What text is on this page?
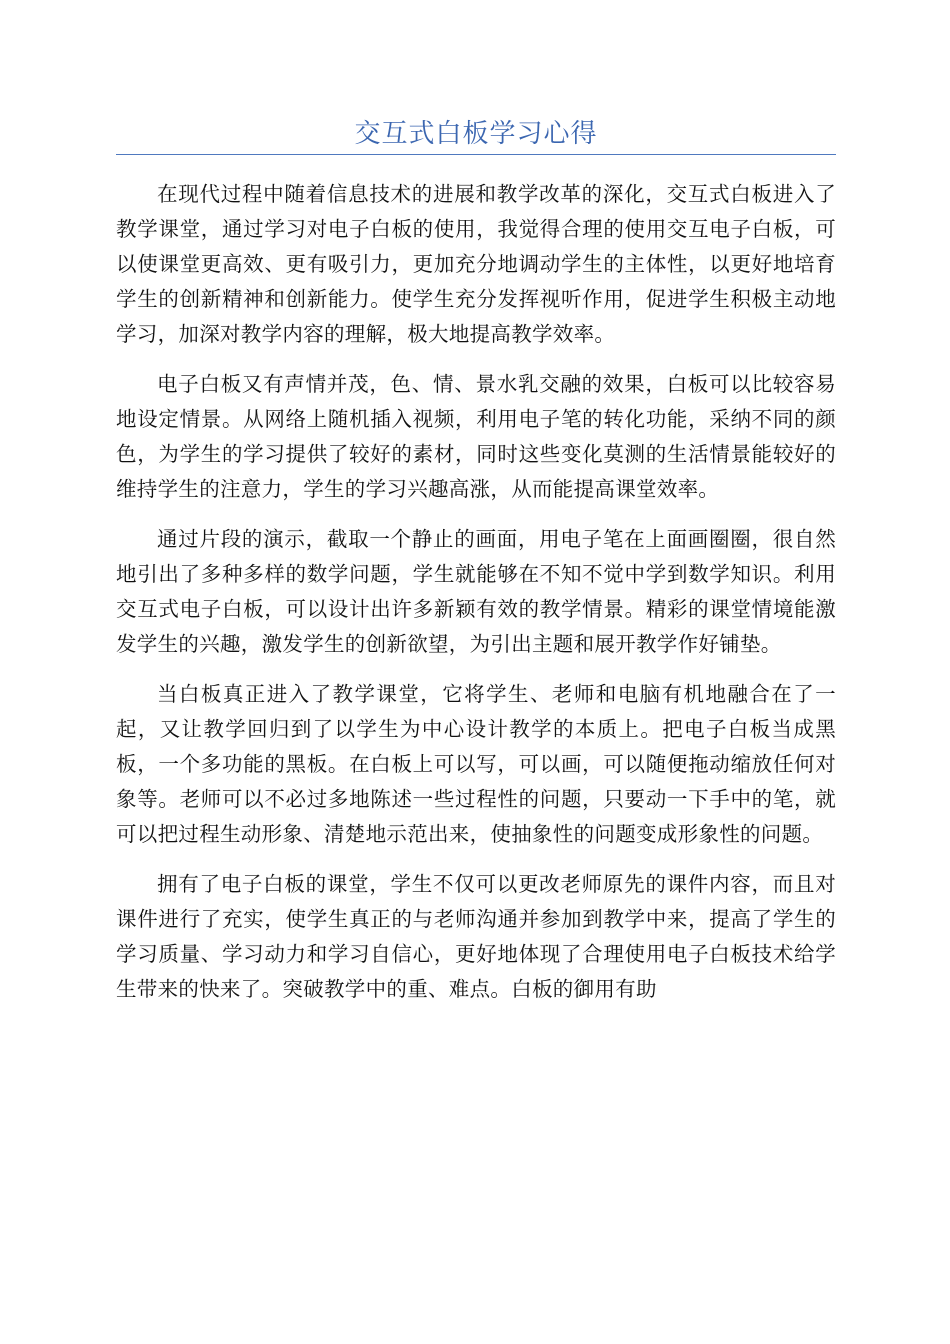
交互式白板学习心得

在现代过程中随着信息技术的进展和教学改革的深化，交互式白板进入了教学课堂，通过学习对电子白板的使用，我觉得合理的使用交互电子白板，可以使课堂更高效、更有吸引力，更加充分地调动学生的主体性，以更好地培育学生的创新精神和创新能力。使学生充分发挥视听作用，促进学生积极主动地学习，加深对教学内容的理解，极大地提高教学效率。

电子白板又有声情并茂，色、情、景水乳交融的效果，白板可以比较容易地设定情景。从网络上随机插入视频，利用电子笔的转化功能，采纳不同的颜色，为学生的学习提供了较好的素材，同时这些变化莫测的生活情景能较好的维持学生的注意力，学生的学习兴趣高涨，从而能提高课堂效率。

通过片段的演示，截取一个静止的画面，用电子笔在上面画圈圈，很自然地引出了多种多样的数学问题，学生就能够在不知不觉中学到数学知识。利用交互式电子白板，可以设计出许多新颖有效的教学情景。精彩的课堂情境能激发学生的兴趣，激发学生的创新欲望，为引出主题和展开教学作好铺垫。

当白板真正进入了教学课堂，它将学生、老师和电脑有机地融合在了一起，又让教学回归到了以学生为中心设计教学的本质上。把电子白板当成黑板，一个多功能的黑板。在白板上可以写，可以画，可以随便拖动缩放任何对象等。老师可以不必过多地陈述一些过程性的问题，只要动一下手中的笔，就可以把过程生动形象、清楚地示范出来，使抽象性的问题变成形象性的问题。

拥有了电子白板的课堂，学生不仅可以更改老师原先的课件内容，而且对课件进行了充实，使学生真正的与老师沟通并参加到教学中来，提高了学生的学习质量、学习动力和学习自信心，更好地体现了合理使用电子白板技术给学生带来的快来了。突破教学中的重、难点。白板的御用有助
